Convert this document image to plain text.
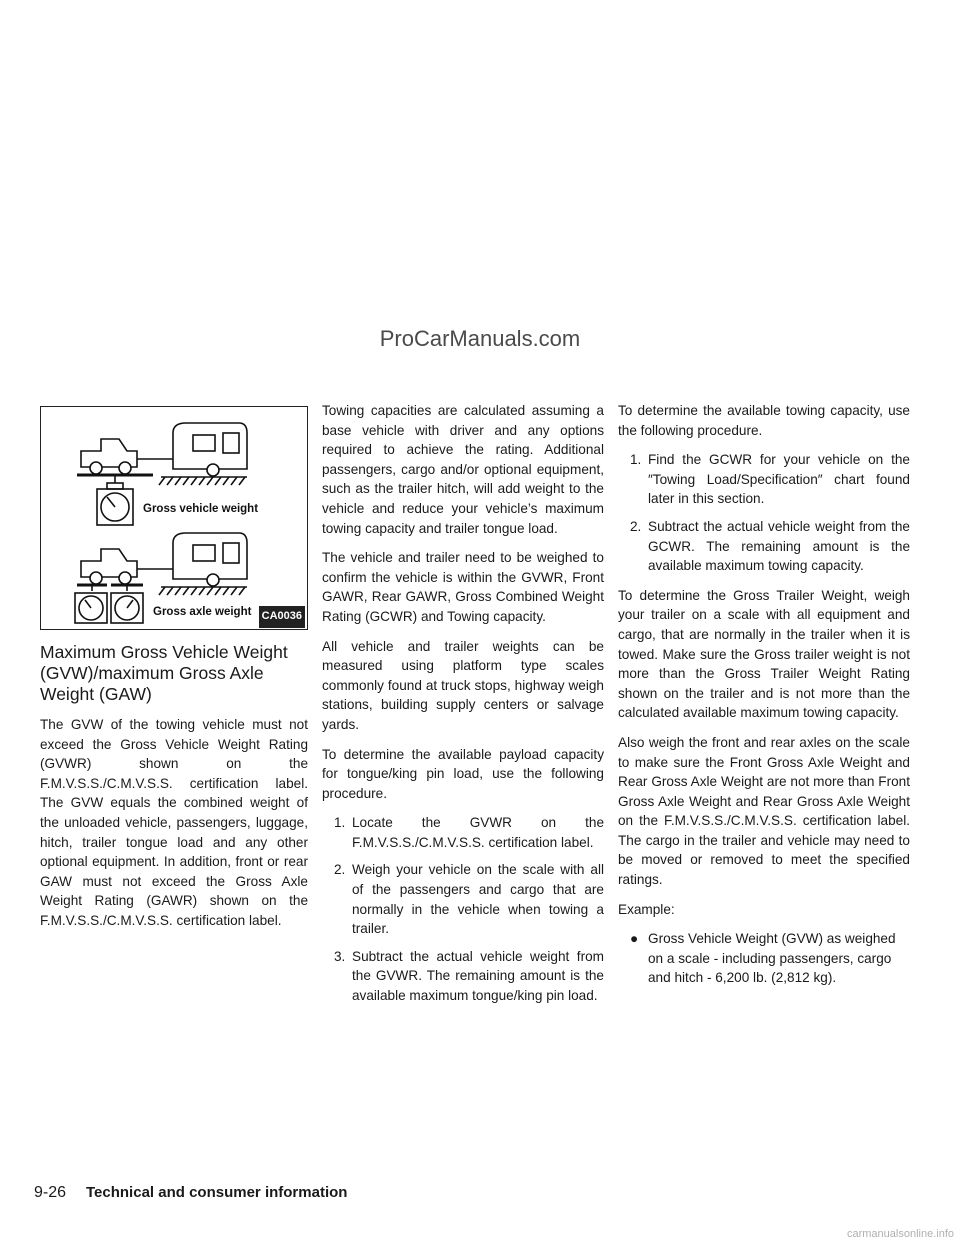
ProCarManuals.com
Gross vehicle weight
Gross axle weight CA0036
Maximum Gross Vehicle Weight (GVW)/maximum Gross Axle Weight (GAW)

The GVW of the towing vehicle must not exceed the Gross Vehicle Weight Rating (GVWR) shown on the F.M.V.S.S./C.M.V.S.S. certification label. The GVW equals the combined weight of the unloaded vehicle, passengers, luggage, hitch, trailer tongue load and any other optional equipment. In addition, front or rear GAW must not exceed the Gross Axle Weight Rating (GAWR) shown on the F.M.V.S.S./C.M.V.S.S. certification label.

Towing capacities are calculated assuming a base vehicle with driver and any options required to achieve the rating. Additional passengers, cargo and/or optional equipment, such as the trailer hitch, will add weight to the vehicle and reduce your vehicle’s maximum towing capacity and trailer tongue load.

The vehicle and trailer need to be weighed to confirm the vehicle is within the GVWR, Front GAWR, Rear GAWR, Gross Combined Weight Rating (GCWR) and Towing capacity.

All vehicle and trailer weights can be measured using platform type scales commonly found at truck stops, highway weigh stations, building supply centers or salvage yards.

To determine the available payload capacity for tongue/king pin load, use the following procedure.

1. Locate the GVWR on the F.M.V.S.S./C.M.V.S.S. certification label.
2. Weigh your vehicle on the scale with all of the passengers and cargo that are normally in the vehicle when towing a trailer.
3. Subtract the actual vehicle weight from the GVWR. The remaining amount is the available maximum tongue/king pin load.

To determine the available towing capacity, use the following procedure.

1. Find the GCWR for your vehicle on the ″Towing Load/Specification″ chart found later in this section.
2. Subtract the actual vehicle weight from the GCWR. The remaining amount is the available maximum towing capacity.

To determine the Gross Trailer Weight, weigh your trailer on a scale with all equipment and cargo, that are normally in the trailer when it is towed. Make sure the Gross trailer weight is not more than the Gross Trailer Weight Rating shown on the trailer and is not more than the calculated available maximum towing capacity.

Also weigh the front and rear axles on the scale to make sure the Front Gross Axle Weight and Rear Gross Axle Weight are not more than Front Gross Axle Weight and Rear Gross Axle Weight on the F.M.V.S.S./C.M.V.S.S. certification label. The cargo in the trailer and vehicle may need to be moved or removed to meet the specified ratings.

Example:

● Gross Vehicle Weight (GVW) as weighed on a scale - including passengers, cargo and hitch - 6,200 lb. (2,812 kg).
9-26 Technical and consumer information
carmanualsonline.info
